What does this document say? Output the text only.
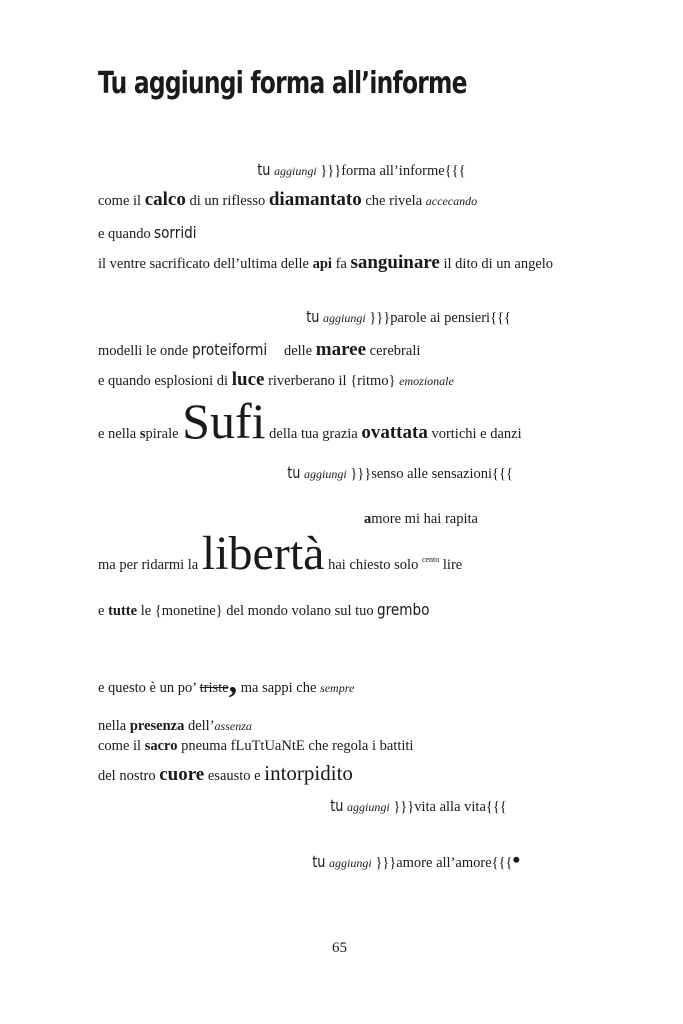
Tu aggiungi forma all’informe
tu aggiungi }}}forma all’informe{{{
come il calco di un riflesso diamantato che rivela accecando
e quando sorridi
il ventre sacrificato dell’ultima delle api fa sanguinare il dito di un angelo
tu aggiungi }}}parole ai pensieri{{{
modelli le onde proteiformi delle maree cerebrali
e quando esplosioni di luce riverberano il {ritmo} emozionale
e nella spirale Sufi della tua grazia ovattata vortichi e danzi
tu aggiungi }}}senso alle sensazioni{{{
amore mi hai rapita
ma per ridarmi la libertà hai chiesto solo $^{cento}$ lire
e tutte le {monetine} del mondo volano sul tuo grembo
e questo è un po’ triste, ma sappi che sempre
nella presenza dell’assenza
come il sacro pneuma fLuTtUaNtE che regola i battiti
del nostro cuore esausto e intorpidito
tu aggiungi }}}vita alla vita{{{
tu aggiungi }}}amore all’amore{{{•
65
